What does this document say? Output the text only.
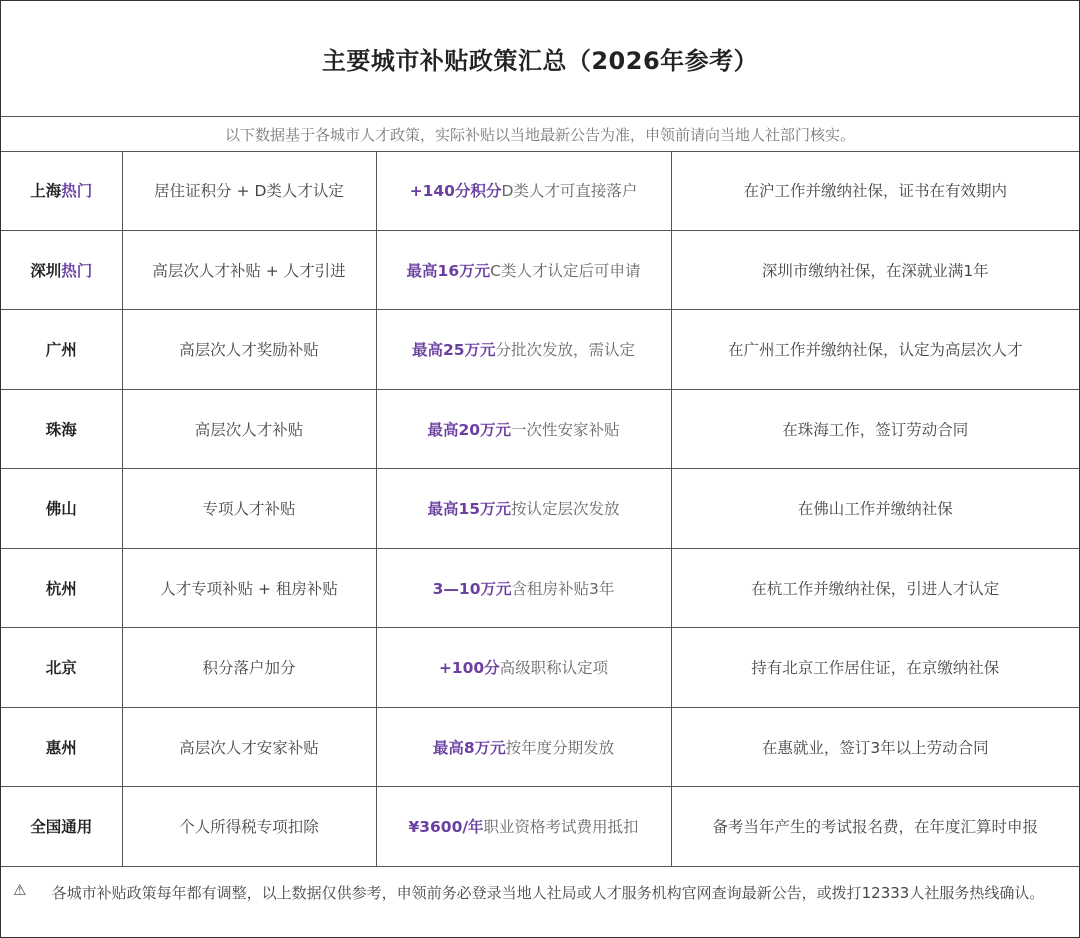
主要城市补贴政策汇总（2026年参考）
以下数据基于各城市人才政策，实际补贴以当地最新公告为准，申领前请向当地人社部门核实。
上海热门	居住证积分 + D类人才认定	+140分积分D类人才可直接落户	在沪工作并缴纳社保，证书在有效期内
深圳热门	高层次人才补贴 + 人才引进	最高16万元C类人才认定后可申请	深圳市缴纳社保，在深就业满1年
广州	高层次人才奖励补贴	最高25万元分批次发放，需认定	在广州工作并缴纳社保，认定为高层次人才
珠海	高层次人才补贴	最高20万元一次性安家补贴	在珠海工作，签订劳动合同
佛山	专项人才补贴	最高15万元按认定层次发放	在佛山工作并缴纳社保
杭州	人才专项补贴 + 租房补贴	3—10万元含租房补贴3年	在杭工作并缴纳社保，引进人才认定
北京	积分落户加分	+100分高级职称认定项	持有北京工作居住证，在京缴纳社保
惠州	高层次人才安家补贴	最高8万元按年度分期发放	在惠就业，签订3年以上劳动合同
全国通用	个人所得税专项扣除	¥3600/年职业资格考试费用抵扣	备考当年产生的考试报名费，在年度汇算时申报
⚠	各城市补贴政策每年都有调整，以上数据仅供参考，申领前务必登录当地人社局或人才服务机构官网查询最新公告，或拨打12333人社服务热线确认。
